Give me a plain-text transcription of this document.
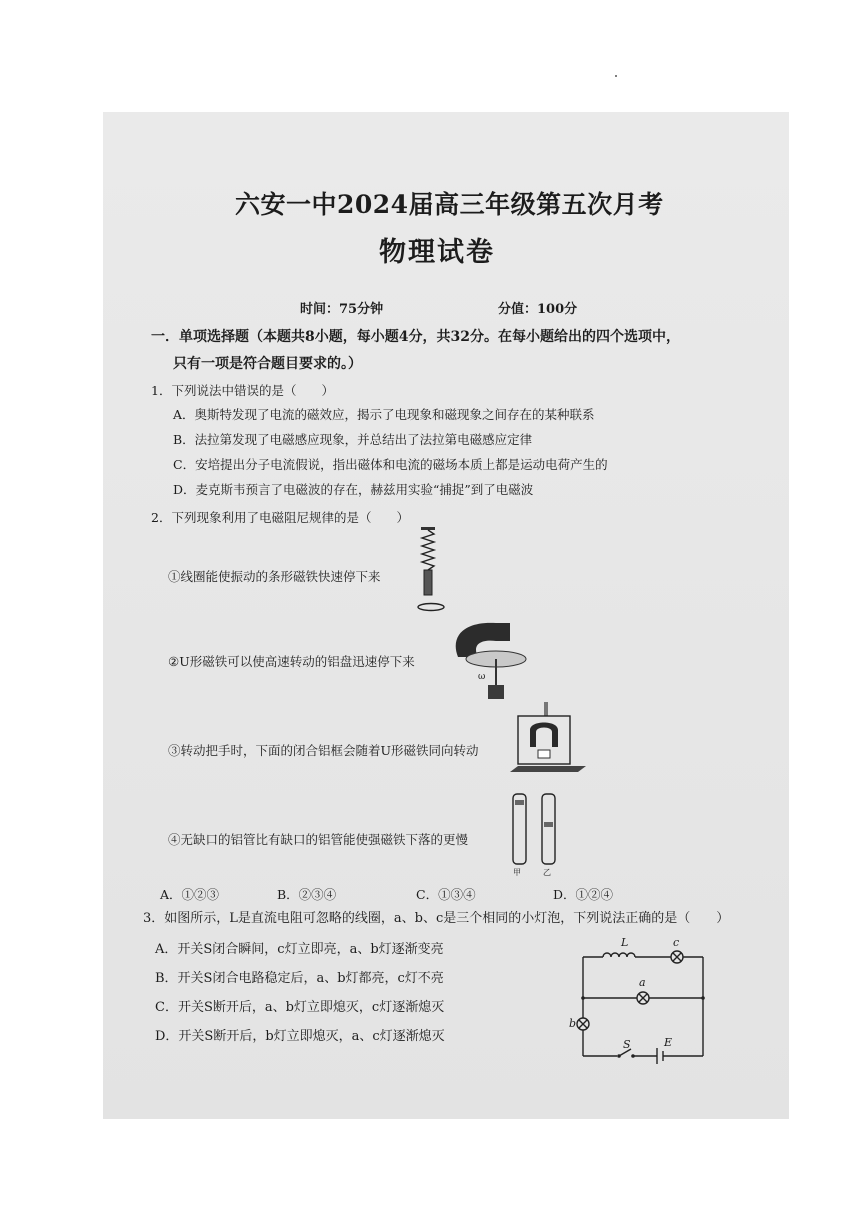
六安一中2024届高三年级第五次月考
物理试卷
时间：75分钟	分值：100分
一．单项选择题（本题共8小题，每小题4分，共32分。在每小题给出的四个选项中，
只有一项是符合题目要求的。）
1．下列说法中错误的是（　　）
A．奥斯特发现了电流的磁效应，揭示了电现象和磁现象之间存在的某种联系
B．法拉第发现了电磁感应现象，并总结出了法拉第电磁感应定律
C．安培提出分子电流假说，指出磁体和电流的磁场本质上都是运动电荷产生的
D．麦克斯韦预言了电磁波的存在，赫兹用实验“捕捉”到了电磁波
2．下列现象利用了电磁阻尼规律的是（　　）
①线圈能使振动的条形磁铁快速停下来
②U形磁铁可以使高速转动的铝盘迅速停下来
ω
③转动把手时，下面的闭合铝框会随着U形磁铁同向转动
④无缺口的铝管比有缺口的铝管能使强磁铁下落的更慢
甲	乙
A．①②③	B．②③④	C．①③④	D．①②④
3．如图所示，L是直流电阻可忽略的线圈，a、b、c是三个相同的小灯泡，下列说法正确的是（　　）
A．开关S闭合瞬间，c灯立即亮，a、b灯逐渐变亮
B．开关S闭合电路稳定后，a、b灯都亮，c灯不亮
C．开关S断开后，a、b灯立即熄灭，c灯逐渐熄灭
D．开关S断开后，b灯立即熄灭，a、c灯逐渐熄灭
L	c
a
b
S	E
